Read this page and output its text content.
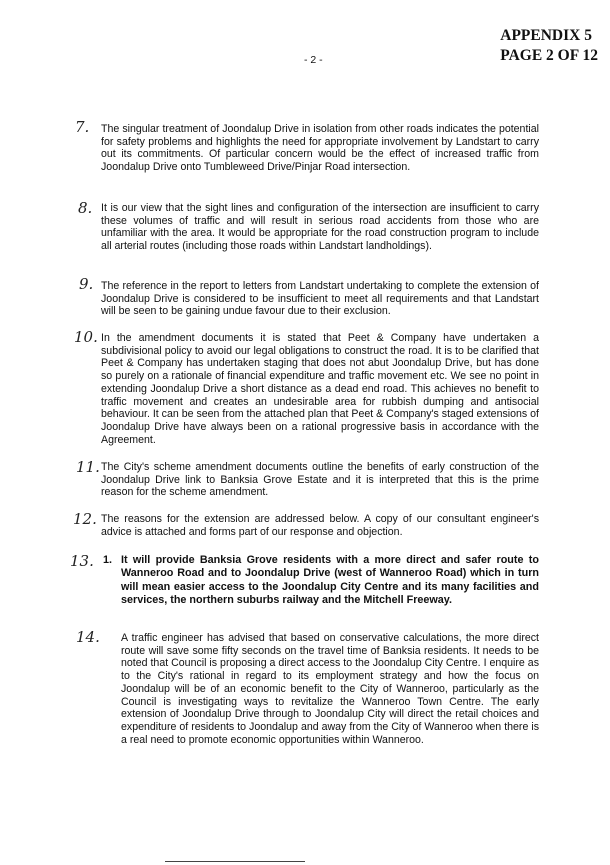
APPENDIX 5
PAGE 2 OF 12
- 2 -
7. The singular treatment of Joondalup Drive in isolation from other roads indicates the potential for safety problems and highlights the need for appropriate involvement by Landstart to carry out its commitments. Of particular concern would be the effect of increased traffic from Joondalup Drive onto Tumbleweed Drive/Pinjar Road intersection.
8. It is our view that the sight lines and configuration of the intersection are insufficient to carry these volumes of traffic and will result in serious road accidents from those who are unfamiliar with the area. It would be appropriate for the road construction program to include all arterial routes (including those roads within Landstart landholdings).
9. The reference in the report to letters from Landstart undertaking to complete the extension of Joondalup Drive is considered to be insufficient to meet all requirements and that Landstart will be seen to be gaining undue favour due to their exclusion.
10. In the amendment documents it is stated that Peet & Company have undertaken a subdivisional policy to avoid our legal obligations to construct the road. It is to be clarified that Peet & Company has undertaken staging that does not abut Joondalup Drive, but has done so purely on a rationale of financial expenditure and traffic movement etc. We see no point in extending Joondalup Drive a short distance as a dead end road. This achieves no benefit to traffic movement and creates an undesirable area for rubbish dumping and antisocial behaviour. It can be seen from the attached plan that Peet & Company's staged extensions of Joondalup Drive have always been on a rational progressive basis in accordance with the Agreement.
11. The City's scheme amendment documents outline the benefits of early construction of the Joondalup Drive link to Banksia Grove Estate and it is interpreted that this is the prime reason for the scheme amendment.
12. The reasons for the extension are addressed below. A copy of our consultant engineer's advice is attached and forms part of our response and objection.
13. 1. It will provide Banksia Grove residents with a more direct and safer route to Wanneroo Road and to Joondalup Drive (west of Wanneroo Road) which in turn will mean easier access to the Joondalup City Centre and its many facilities and services, the northern suburbs railway and the Mitchell Freeway.
14. A traffic engineer has advised that based on conservative calculations, the more direct route will save some fifty seconds on the travel time of Banksia residents. It needs to be noted that Council is proposing a direct access to the Joondalup City Centre. I enquire as to the City's rational in regard to its employment strategy and how the focus on Joondalup will be of an economic benefit to the City of Wanneroo, particularly as the Council is investigating ways to revitalize the Wanneroo Town Centre. The early extension of Joondalup Drive through to Joondalup City will direct the retail choices and expenditure of residents to Joondalup and away from the City of Wanneroo when there is a real need to promote economic opportunities within Wanneroo.
